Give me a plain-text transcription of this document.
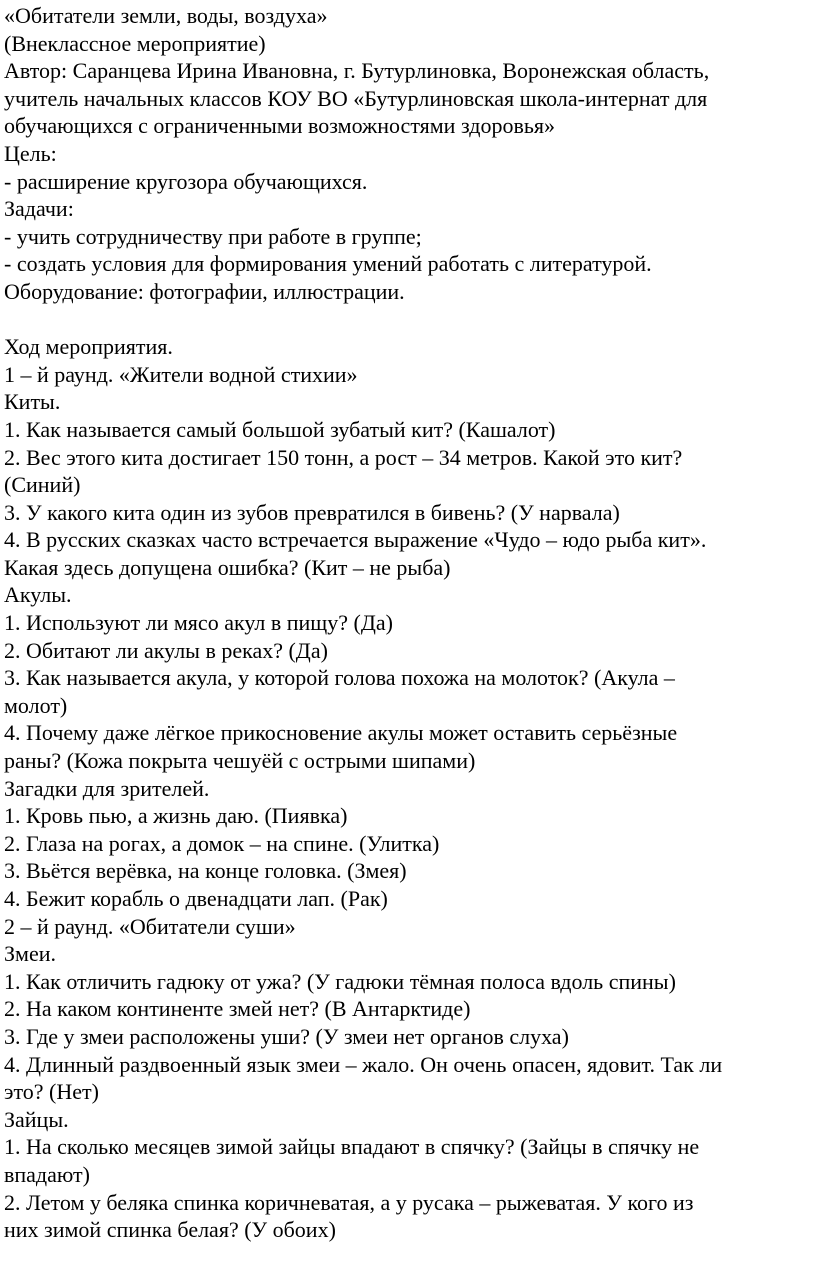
«Обитатели земли, воды, воздуха»
(Внеклассное мероприятие)
Автор: Саранцева Ирина Ивановна, г. Бутурлиновка, Воронежская область,
учитель начальных классов КОУ ВО «Бутурлиновская школа-интернат для
обучающихся с ограниченными возможностями здоровья»
Цель:
- расширение кругозора обучающихся.
Задачи:
- учить сотрудничеству при работе в группе;
- создать условия для формирования умений работать с литературой.
Оборудование: фотографии, иллюстрации.
Ход мероприятия.
1 – й раунд. «Жители водной стихии»
Киты.
1. Как называется самый большой зубатый кит? (Кашалот)
2. Вес этого кита достигает 150 тонн, а рост – 34 метров. Какой это кит?
(Синий)
3. У какого кита один из зубов превратился в бивень? (У нарвала)
4. В русских сказках часто встречается выражение «Чудо – юдо рыба кит».
Какая здесь допущена ошибка? (Кит – не рыба)
Акулы.
1. Используют ли мясо акул в пищу? (Да)
2. Обитают ли акулы в реках? (Да)
3. Как называется акула, у которой голова похожа на молоток? (Акула –
молот)
4. Почему даже лёгкое прикосновение акулы может оставить серьёзные
раны? (Кожа покрыта чешуёй с острыми шипами)
Загадки для зрителей.
1. Кровь пью, а жизнь даю. (Пиявка)
2. Глаза на рогах, а домок – на спине. (Улитка)
3. Вьётся верёвка, на конце головка. (Змея)
4. Бежит корабль о двенадцати лап. (Рак)
2 – й раунд. «Обитатели суши»
Змеи.
1. Как отличить гадюку от ужа? (У гадюки тёмная полоса вдоль спины)
2. На каком континенте змей нет? (В Антарктиде)
3. Где у змеи расположены уши? (У змеи нет органов слуха)
4. Длинный раздвоенный язык змеи – жало. Он очень опасен, ядовит. Так ли
это? (Нет)
Зайцы.
1. На сколько месяцев зимой зайцы впадают в спячку? (Зайцы в спячку не
впадают)
2. Летом у беляка спинка коричневатая, а у русака – рыжеватая. У кого из
них зимой спинка белая? (У обоих)
